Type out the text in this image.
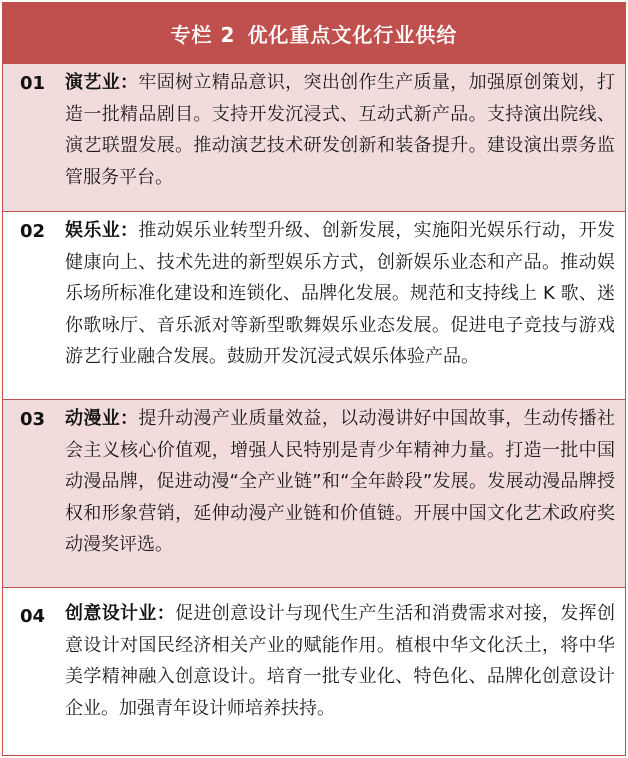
专栏 2 优化重点文化行业供给
01	演艺业：牢固树立精品意识，突出创作生产质量，加强原创策划，打造一批精品剧目。支持开发沉浸式、互动式新产品。支持演出院线、演艺联盟发展。推动演艺技术研发创新和装备提升。建设演出票务监管服务平台。
02	娱乐业：推动娱乐业转型升级、创新发展，实施阳光娱乐行动，开发健康向上、技术先进的新型娱乐方式，创新娱乐业态和产品。推动娱乐场所标准化建设和连锁化、品牌化发展。规范和支持线上 K 歌、迷你歌咏厅、音乐派对等新型歌舞娱乐业态发展。促进电子竞技与游戏游艺行业融合发展。鼓励开发沉浸式娱乐体验产品。
03	动漫业：提升动漫产业质量效益，以动漫讲好中国故事，生动传播社会主义核心价值观，增强人民特别是青少年精神力量。打造一批中国动漫品牌，促进动漫“全产业链”和“全年龄段”发展。发展动漫品牌授权和形象营销，延伸动漫产业链和价值链。开展中国文化艺术政府奖动漫奖评选。
04	创意设计业：促进创意设计与现代生产生活和消费需求对接，发挥创意设计对国民经济相关产业的赋能作用。植根中华文化沃土，将中华美学精神融入创意设计。培育一批专业化、特色化、品牌化创意设计企业。加强青年设计师培养扶持。
